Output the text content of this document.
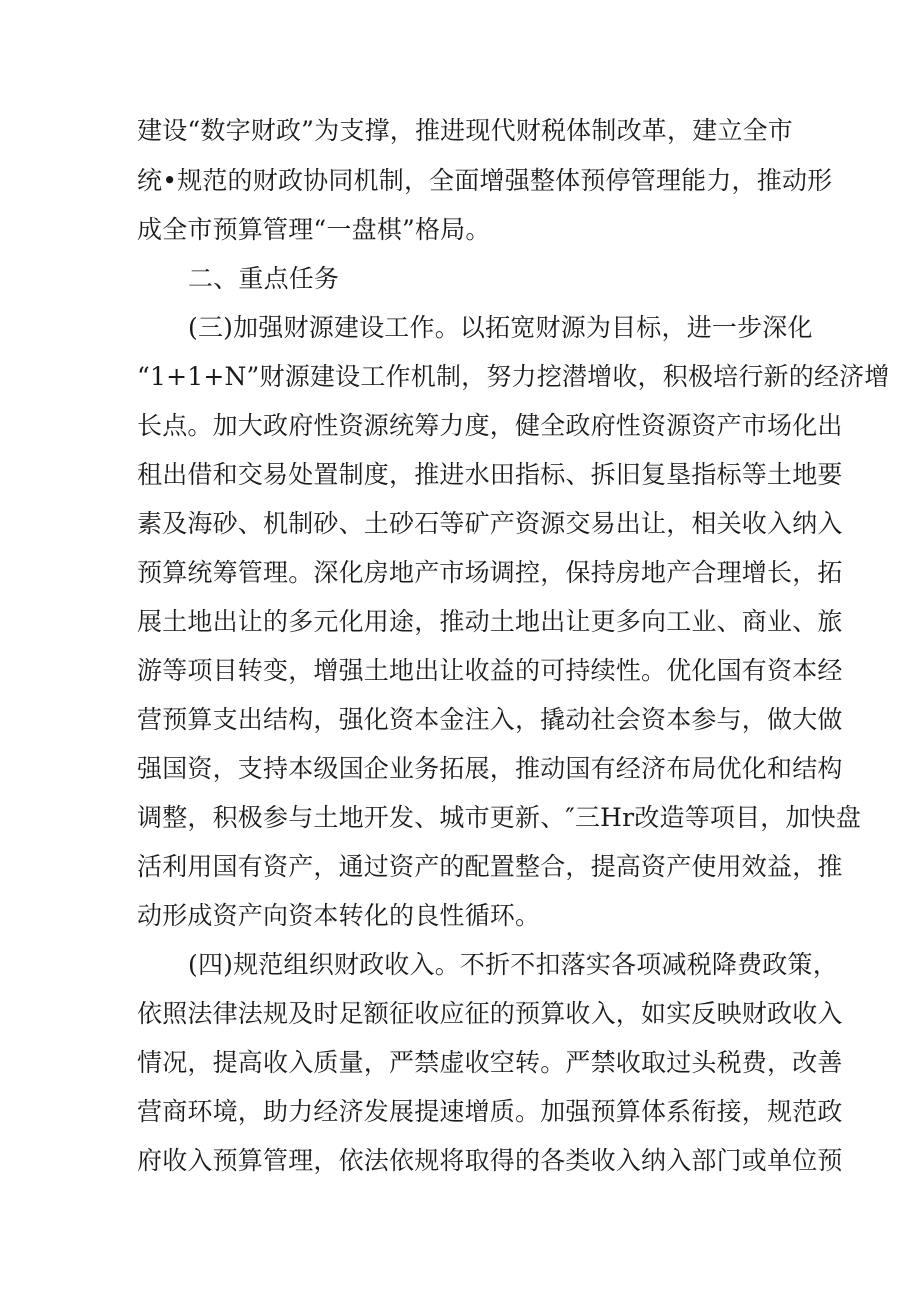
建设“数字财政”为支撑，推进现代财税体制改革，建立全市
统•规范的财政协同机制，全面增强整体预停管理能力，推动形
成全市预算管理“一盘棋”格局。
二、重点任务
(三)加强财源建设工作。以拓宽财源为目标，进一步深化
“1+1+N”财源建设工作机制，努力挖潜增收，积极培行新的经济增
长点。加大政府性资源统筹力度，健全政府性资源资产市场化出
租出借和交易处置制度，推进水田指标、拆旧复垦指标等土地要
素及海砂、机制砂、土砂石等矿产资源交易出让，相关收入纳入
预算统筹管理。深化房地产市场调控，保持房地产合理增长，拓
展土地出让的多元化用途，推动土地出让更多向工业、商业、旅
游等项目转变，增强土地出让收益的可持续性。优化国有资本经
营预算支出结构，强化资本金注入，撬动社会资本参与，做大做
强国资，支持本级国企业务拓展，推动国有经济布局优化和结构
调整，积极参与土地开发、城市更新、″三Hr改造等项目，加快盘
活利用国有资产，通过资产的配置整合，提高资产使用效益，推
动形成资产向资本转化的良性循环。
(四)规范组织财政收入。不折不扣落实各项减税降费政策，
依照法律法规及时足额征收应征的预算收入，如实反映财政收入
情况，提高收入质量，严禁虚收空转。严禁收取过头税费，改善
营商环境，助力经济发展提速增质。加强预算体系衔接，规范政
府收入预算管理，依法依规将取得的各类收入纳入部门或单位预
